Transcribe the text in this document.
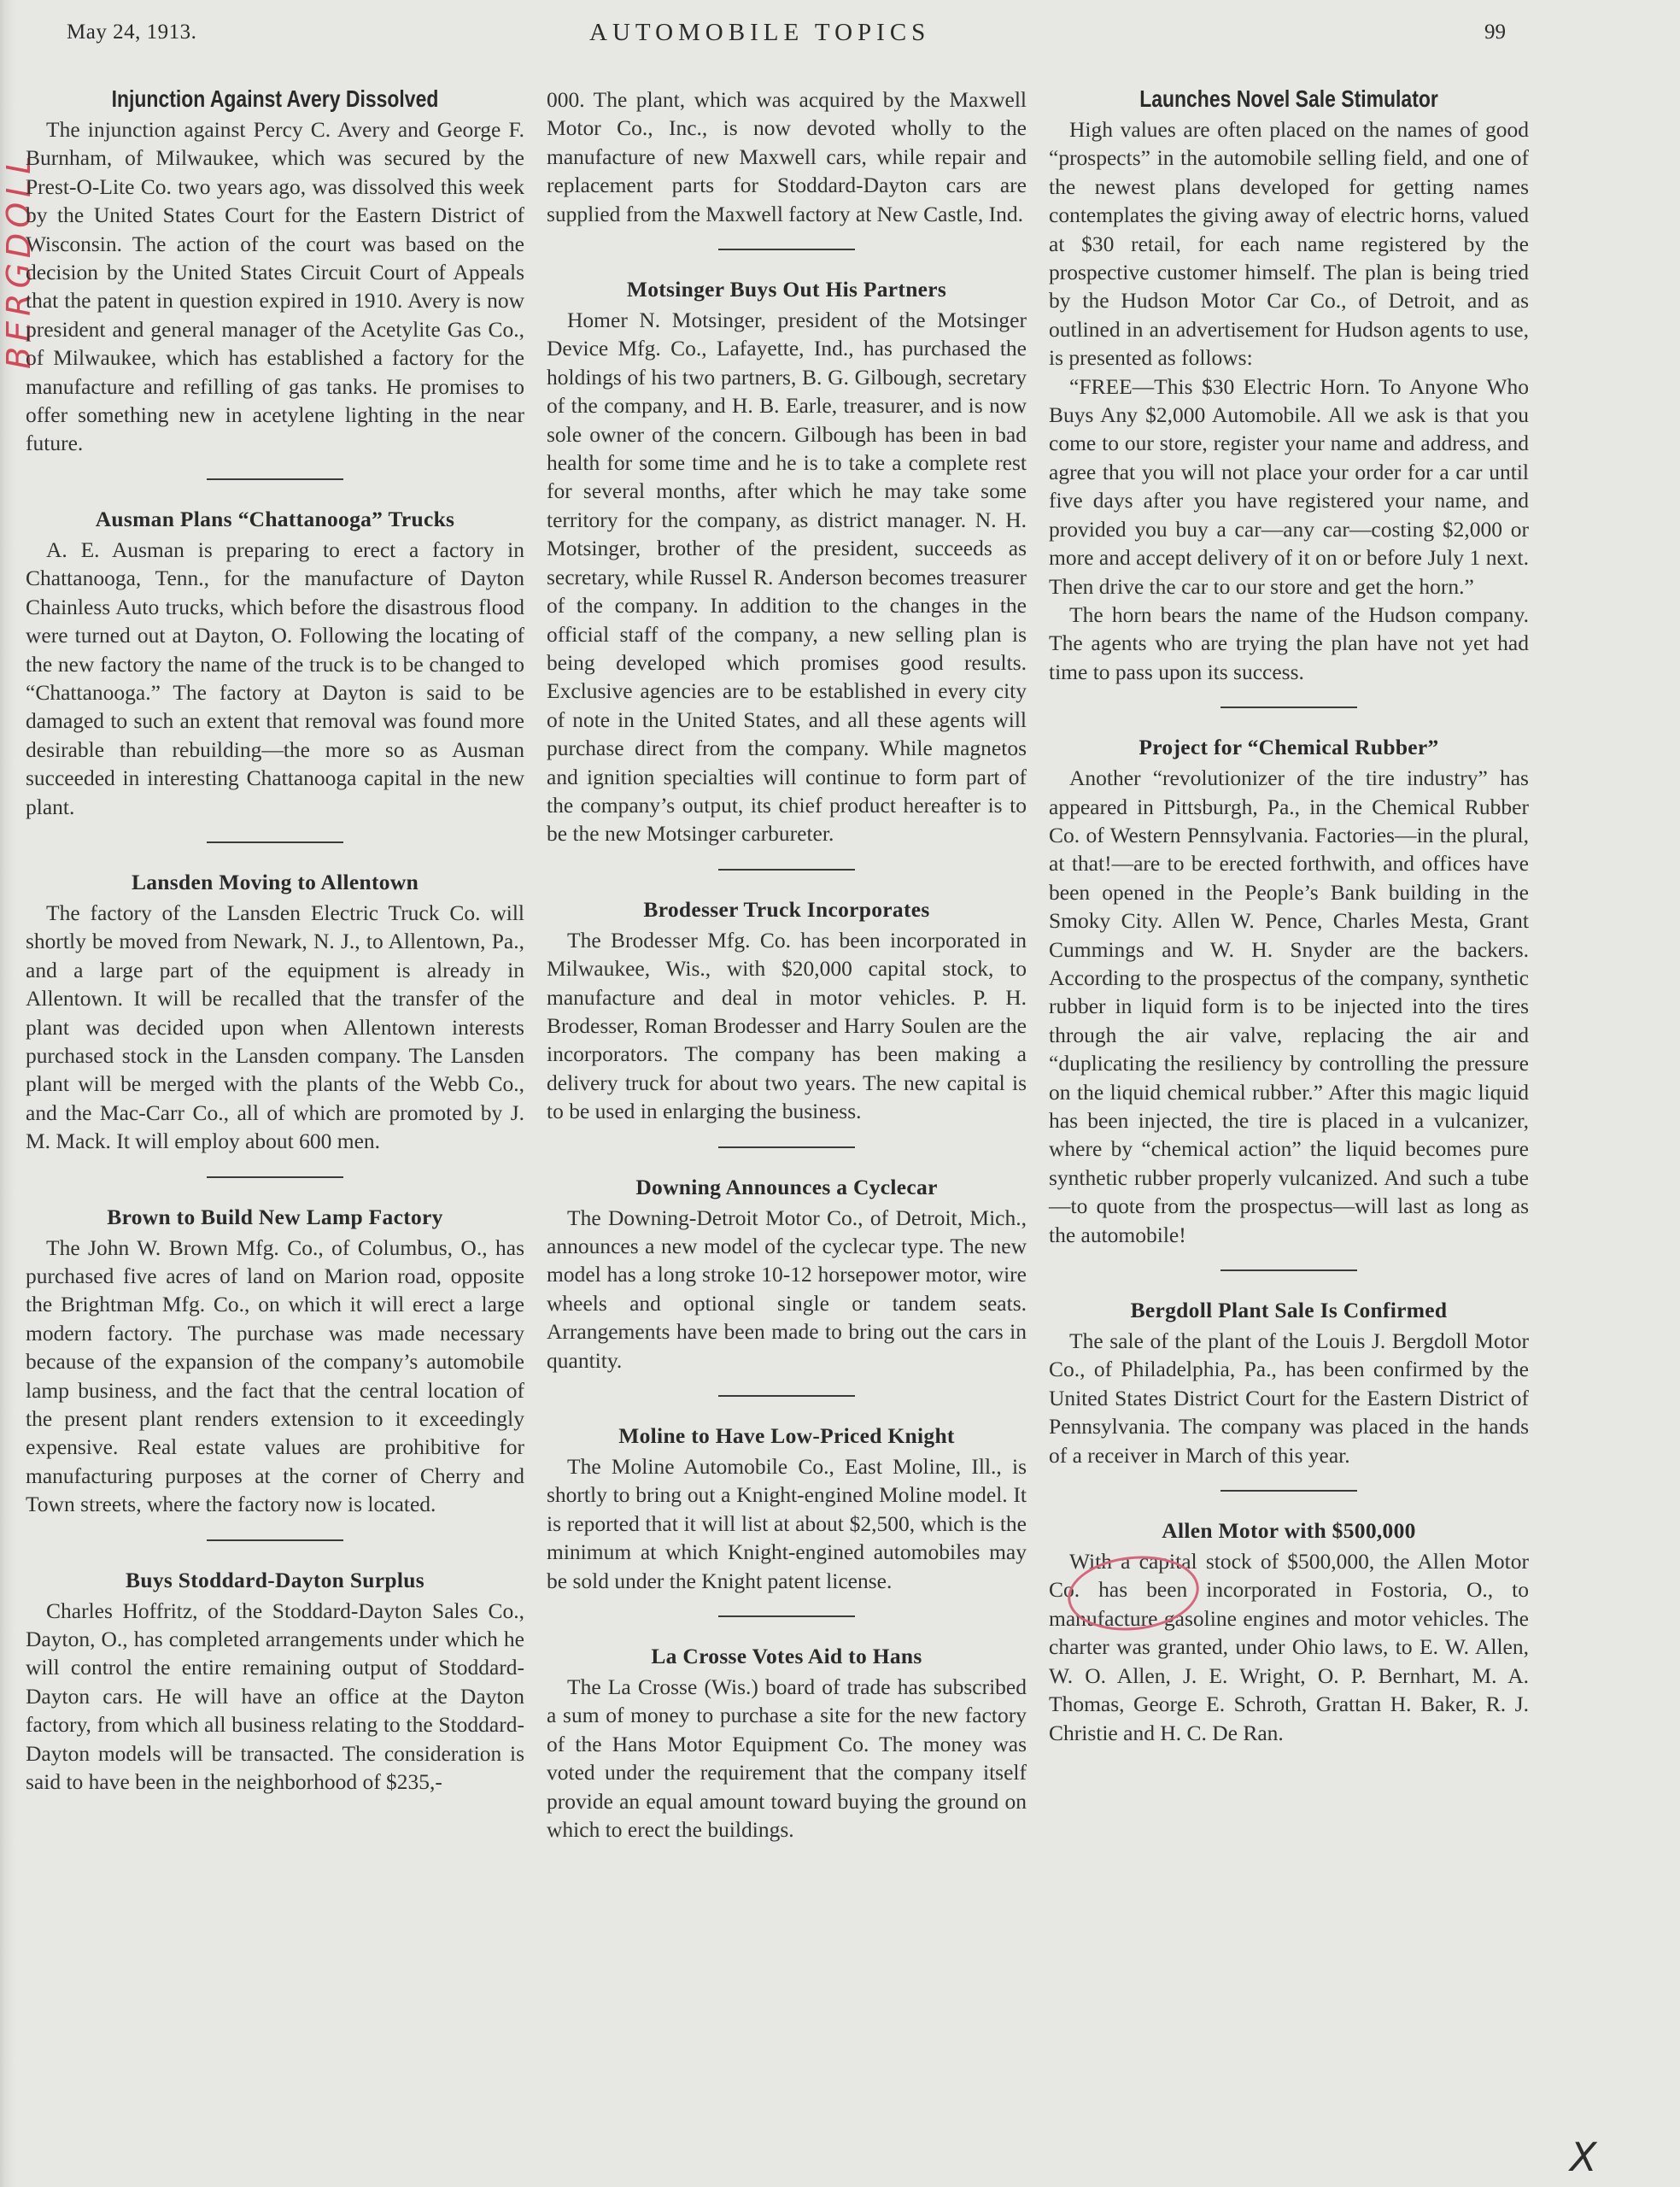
May 24, 1913.	AUTOMOBILE TOPICS	99
BERGDOLL
Injunction Against Avery Dissolved

The injunction against Percy C. Avery and George F. Burnham, of Milwaukee, which was secured by the Prest-O-Lite Co. two years ago, was dissolved this week by the United States Court for the Eastern District of Wisconsin. The action of the court was based on the decision by the United States Circuit Court of Appeals that the patent in question expired in 1910. Avery is now president and general manager of the Acetylite Gas Co., of Milwaukee, which has established a factory for the manufacture and refilling of gas tanks. He promises to offer something new in acetylene lighting in the near future.

Ausman Plans “Chattanooga” Trucks

A. E. Ausman is preparing to erect a factory in Chattanooga, Tenn., for the manufacture of Dayton Chainless Auto trucks, which before the disastrous flood were turned out at Dayton, O. Following the locating of the new factory the name of the truck is to be changed to “Chattanooga.” The factory at Dayton is said to be damaged to such an extent that removal was found more desirable than rebuilding—the more so as Ausman succeeded in interesting Chattanooga capital in the new plant.

Lansden Moving to Allentown

The factory of the Lansden Electric Truck Co. will shortly be moved from Newark, N. J., to Allentown, Pa., and a large part of the equipment is already in Allentown. It will be recalled that the transfer of the plant was decided upon when Allentown interests purchased stock in the Lansden company. The Lansden plant will be merged with the plants of the Webb Co., and the Mac-Carr Co., all of which are promoted by J. M. Mack. It will employ about 600 men.

Brown to Build New Lamp Factory

The John W. Brown Mfg. Co., of Columbus, O., has purchased five acres of land on Marion road, opposite the Brightman Mfg. Co., on which it will erect a large modern factory. The purchase was made necessary because of the expansion of the company’s automobile lamp business, and the fact that the central location of the present plant renders extension to it exceedingly expensive. Real estate values are prohibitive for manufacturing purposes at the corner of Cherry and Town streets, where the factory now is located.

Buys Stoddard-Dayton Surplus

Charles Hoffritz, of the Stoddard-Dayton Sales Co., Dayton, O., has completed arrangements under which he will control the entire remaining output of Stoddard-Dayton cars. He will have an office at the Dayton factory, from which all business relating to the Stoddard-Dayton models will be transacted. The consideration is said to have been in the neighborhood of $235,-

000. The plant, which was acquired by the Maxwell Motor Co., Inc., is now devoted wholly to the manufacture of new Maxwell cars, while repair and replacement parts for Stoddard-Dayton cars are supplied from the Maxwell factory at New Castle, Ind.

Motsinger Buys Out His Partners

Homer N. Motsinger, president of the Motsinger Device Mfg. Co., Lafayette, Ind., has purchased the holdings of his two partners, B. G. Gilbough, secretary of the company, and H. B. Earle, treasurer, and is now sole owner of the concern. Gilbough has been in bad health for some time and he is to take a complete rest for several months, after which he may take some territory for the company, as district manager. N. H. Motsinger, brother of the president, succeeds as secretary, while Russel R. Anderson becomes treasurer of the company. In addition to the changes in the official staff of the company, a new selling plan is being developed which promises good results. Exclusive agencies are to be established in every city of note in the United States, and all these agents will purchase direct from the company. While magnetos and ignition specialties will continue to form part of the company’s output, its chief product hereafter is to be the new Motsinger carbureter.

Brodesser Truck Incorporates

The Brodesser Mfg. Co. has been incorporated in Milwaukee, Wis., with $20,000 capital stock, to manufacture and deal in motor vehicles. P. H. Brodesser, Roman Brodesser and Harry Soulen are the incorporators. The company has been making a delivery truck for about two years. The new capital is to be used in enlarging the business.

Downing Announces a Cyclecar

The Downing-Detroit Motor Co., of Detroit, Mich., announces a new model of the cyclecar type. The new model has a long stroke 10-12 horsepower motor, wire wheels and optional single or tandem seats. Arrangements have been made to bring out the cars in quantity.

Moline to Have Low-Priced Knight

The Moline Automobile Co., East Moline, Ill., is shortly to bring out a Knight-engined Moline model. It is reported that it will list at about $2,500, which is the minimum at which Knight-engined automobiles may be sold under the Knight patent license.

La Crosse Votes Aid to Hans

The La Crosse (Wis.) board of trade has subscribed a sum of money to purchase a site for the new factory of the Hans Motor Equipment Co. The money was voted under the requirement that the company itself provide an equal amount toward buying the ground on which to erect the buildings.

Launches Novel Sale Stimulator

High values are often placed on the names of good “prospects” in the automobile selling field, and one of the newest plans developed for getting names contemplates the giving away of electric horns, valued at $30 retail, for each name registered by the prospective customer himself. The plan is being tried by the Hudson Motor Car Co., of Detroit, and as outlined in an advertisement for Hudson agents to use, is presented as follows:

“FREE—This $30 Electric Horn. To Anyone Who Buys Any $2,000 Automobile. All we ask is that you come to our store, register your name and address, and agree that you will not place your order for a car until five days after you have registered your name, and provided you buy a car—any car—costing $2,000 or more and accept delivery of it on or before July 1 next. Then drive the car to our store and get the horn.”

The horn bears the name of the Hudson company. The agents who are trying the plan have not yet had time to pass upon its success.

Project for “Chemical Rubber”

Another “revolutionizer of the tire industry” has appeared in Pittsburgh, Pa., in the Chemical Rubber Co. of Western Pennsylvania. Factories—in the plural, at that!—are to be erected forthwith, and offices have been opened in the People’s Bank building in the Smoky City. Allen W. Pence, Charles Mesta, Grant Cummings and W. H. Snyder are the backers. According to the prospectus of the company, synthetic rubber in liquid form is to be injected into the tires through the air valve, replacing the air and “duplicating the resiliency by controlling the pressure on the liquid chemical rubber.” After this magic liquid has been injected, the tire is placed in a vulcanizer, where by “chemical action” the liquid becomes pure synthetic rubber properly vulcanized. And such a tube—to quote from the prospectus—will last as long as the automobile!

Bergdoll Plant Sale Is Confirmed

The sale of the plant of the Louis J. Bergdoll Motor Co., of Philadelphia, Pa., has been confirmed by the United States District Court for the Eastern District of Pennsylvania. The company was placed in the hands of a receiver in March of this year.

Allen Motor with $500,000

With a capital stock of $500,000, the Allen Motor Co. has been incorporated in Fostoria, O., to manufacture gasoline engines and motor vehicles. The charter was granted, under Ohio laws, to E. W. Allen, W. O. Allen, J. E. Wright, O. P. Bernhart, M. A. Thomas, George E. Schroth, Grattan H. Baker, R. J. Christie and H. C. De Ran.

X
